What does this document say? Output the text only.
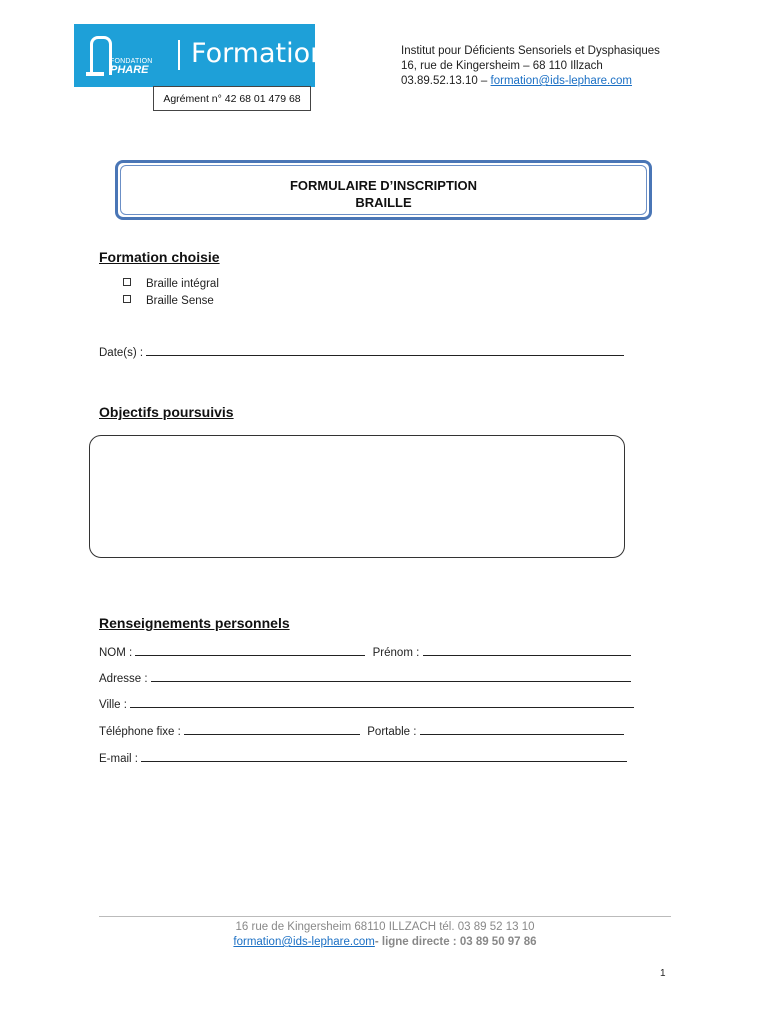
FONDATION
PHARE
Formation
Agrément n° 42 68 01 479 68
Institut pour Déficients Sensoriels et Dysphasiques
16, rue de Kingersheim – 68 110 Illzach
03.89.52.13.10 – formation@ids-lephare.com
FORMULAIRE D’INSCRIPTION
BRAILLE
Formation choisie
Braille intégral
Braille Sense
Date(s) :
Objectifs poursuivis
Renseignements personnels
NOM :	Prénom :
Adresse :
Ville :
Téléphone fixe :	Portable :
E-mail :
16 rue de Kingersheim 68110 ILLZACH tél. 03 89 52 13 10
formation@ids-lephare.com- ligne directe : 03 89 50 97 86
1
